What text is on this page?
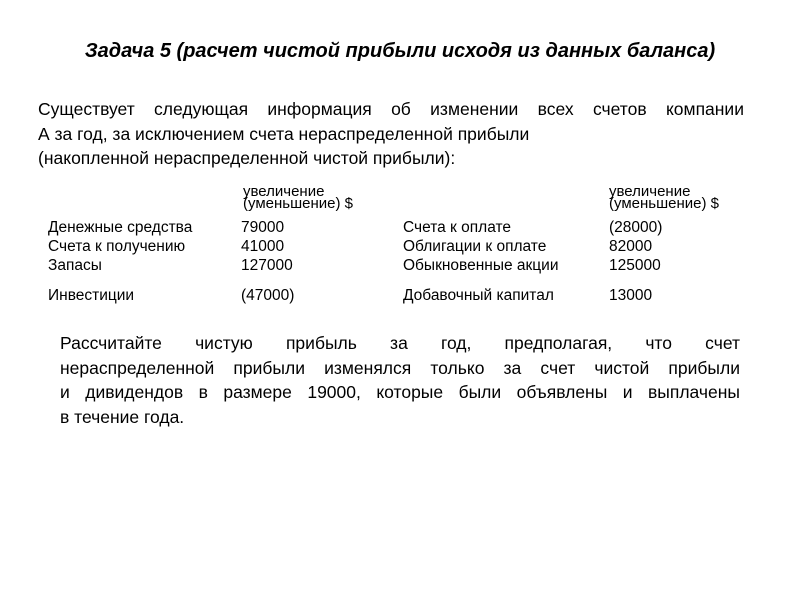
Задача 5 (расчет чистой прибыли исходя из данных баланса)
Существует следующая информация об изменении всех счетов компании
А за год, за исключением счета нераспределенной прибыли
(накопленной нераспределенной чистой прибыли):
увеличение
(уменьшение) $
увеличение
(уменьшение) $
Денежные средства	79000	Счета к оплате	(28000)
Счета к получению	41000	Облигации к оплате	82000
Запасы	127000	Обыкновенные акции	125000
Инвестиции	(47000)	Добавочный капитал	13000
Рассчитайте чистую прибыль за год, предполагая, что счет
нераспределенной прибыли изменялся только за счет чистой прибыли
и дивидендов в размере 19000, которые были объявлены и выплачены
в течение года.
